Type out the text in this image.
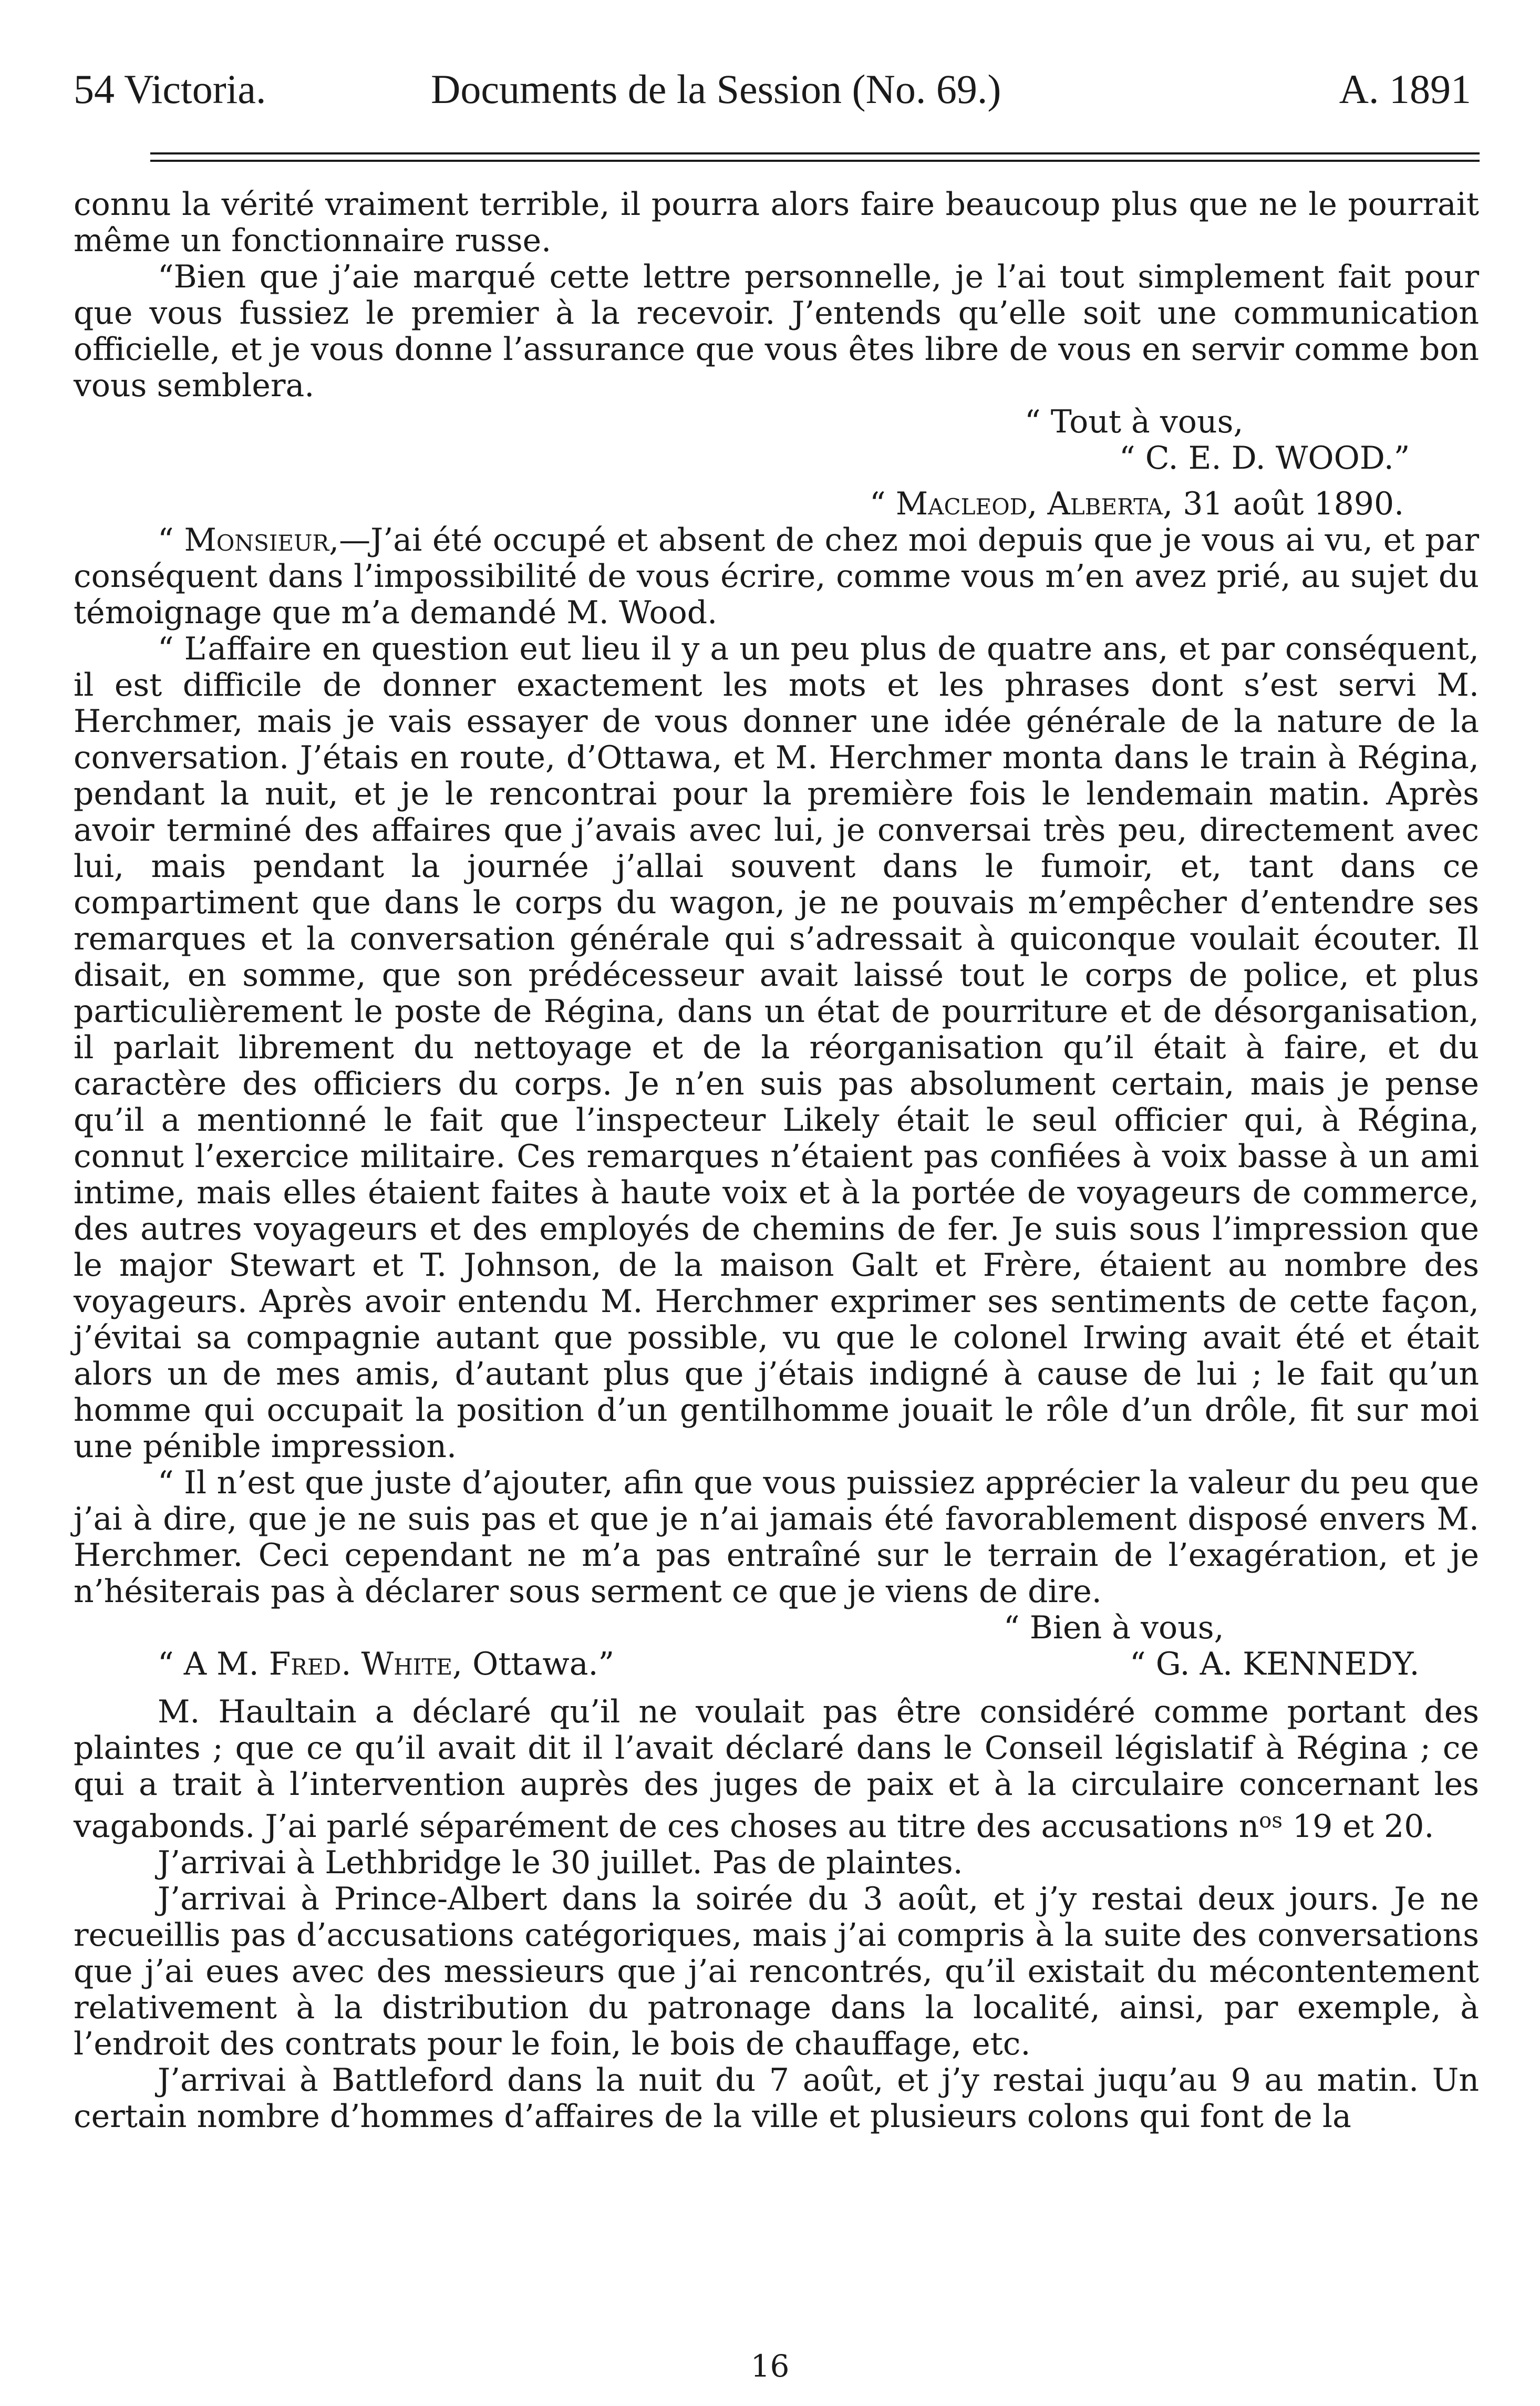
54 Victoria.	Documents de la Session (No. 69.)	A. 1891

connu la vérité vraiment terrible, il pourra alors faire beaucoup plus que ne le pourrait même un fonctionnaire russe.

“Bien que j’aie marqué cette lettre personnelle, je l’ai tout simplement fait pour que vous fussiez le premier à la recevoir. J’entends qu’elle soit une communication officielle, et je vous donne l’assurance que vous êtes libre de vous en servir comme bon vous semblera.

“ Tout à vous,

“ C. E. D. WOOD.”

“ Macleod, Alberta, 31 août 1890.

“ Monsieur,—J’ai été occupé et absent de chez moi depuis que je vous ai vu, et par conséquent dans l’impossibilité de vous écrire, comme vous m’en avez prié, au sujet du témoignage que m’a demandé M. Wood.

“ L’affaire en question eut lieu il y a un peu plus de quatre ans, et par conséquent, il est difficile de donner exactement les mots et les phrases dont s’est servi M. Herchmer, mais je vais essayer de vous donner une idée générale de la nature de la conversation. J’étais en route, d’Ottawa, et M. Herchmer monta dans le train à Régina, pendant la nuit, et je le rencontrai pour la première fois le lendemain matin. Après avoir terminé des affaires que j’avais avec lui, je conversai très peu, directement avec lui, mais pendant la journée j’allai souvent dans le fumoir, et, tant dans ce compartiment que dans le corps du wagon, je ne pouvais m’empêcher d’entendre ses remarques et la conversation générale qui s’adressait à quiconque voulait écouter. Il disait, en somme, que son prédécesseur avait laissé tout le corps de police, et plus particulièrement le poste de Régina, dans un état de pourriture et de désorganisation, il parlait librement du nettoyage et de la réorganisation qu’il était à faire, et du caractère des officiers du corps. Je n’en suis pas absolument certain, mais je pense qu’il a mentionné le fait que l’inspecteur Likely était le seul officier qui, à Régina, connut l’exercice militaire. Ces remarques n’étaient pas confiées à voix basse à un ami intime, mais elles étaient faites à haute voix et à la portée de voyageurs de commerce, des autres voyageurs et des employés de chemins de fer. Je suis sous l’impression que le major Stewart et T. Johnson, de la maison Galt et Frère, étaient au nombre des voyageurs. Après avoir entendu M. Herchmer exprimer ses sentiments de cette façon, j’évitai sa compagnie autant que possible, vu que le colonel Irwing avait été et était alors un de mes amis, d’autant plus que j’étais indigné à cause de lui ; le fait qu’un homme qui occupait la position d’un gentilhomme jouait le rôle d’un drôle, fit sur moi une pénible impression.

“ Il n’est que juste d’ajouter, afin que vous puissiez apprécier la valeur du peu que j’ai à dire, que je ne suis pas et que je n’ai jamais été favorablement disposé envers M. Herchmer. Ceci cependant ne m’a pas entraîné sur le terrain de l’exagération, et je n’hésiterais pas à déclarer sous serment ce que je viens de dire.

“ Bien à vous,

“ G. A. KENNEDY.

“ A M. Fred. White, Ottawa.”

M. Haultain a déclaré qu’il ne voulait pas être considéré comme portant des plaintes ; que ce qu’il avait dit il l’avait déclaré dans le Conseil législatif à Régina ; ce qui a trait à l’intervention auprès des juges de paix et à la circulaire concernant les vagabonds. J’ai parlé séparément de ces choses au titre des accusations $n^{os}$ 19 et 20.

J’arrivai à Lethbridge le 30 juillet. Pas de plaintes.

J’arrivai à Prince-Albert dans la soirée du 3 août, et j’y restai deux jours. Je ne recueillis pas d’accusations catégoriques, mais j’ai compris à la suite des conversations que j’ai eues avec des messieurs que j’ai rencontrés, qu’il existait du mécontentement relativement à la distribution du patronage dans la localité, ainsi, par exemple, à l’endroit des contrats pour le foin, le bois de chauffage, etc.

J’arrivai à Battleford dans la nuit du 7 août, et j’y restai juqu’au 9 au matin. Un certain nombre d’hommes d’affaires de la ville et plusieurs colons qui font de la

16
